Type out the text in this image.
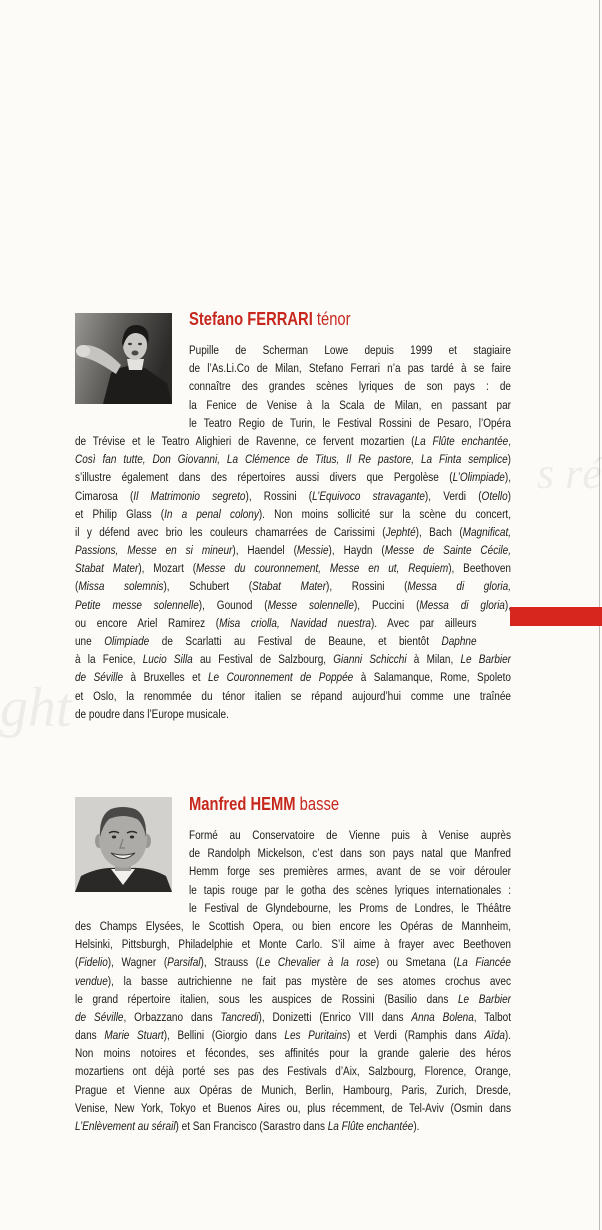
ght
s ré
Stefano FERRARI ténor
Pupille de Scherman Lowe depuis 1999 et stagiaire
de l’As.Li.Co de Milan, Stefano Ferrari n’a pas tardé à se faire
connaître des grandes scènes lyriques de son pays : de
la Fenice de Venise à la Scala de Milan, en passant par
le Teatro Regio de Turin, le Festival Rossini de Pesaro, l’Opéra
de Trévise et le Teatro Alighieri de Ravenne, ce fervent mozartien (La Flûte enchantée,
Così fan tutte, Don Giovanni, La Clémence de Titus, Il Re pastore, La Finta semplice)
s’illustre également dans des répertoires aussi divers que Pergolèse (L’Olimpiade),
Cimarosa (Il Matrimonio segreto), Rossini (L’Equivoco stravagante), Verdi (Otello)
et Philip Glass (In a penal colony). Non moins sollicité sur la scène du concert,
il y défend avec brio les couleurs chamarrées de Carissimi (Jephté), Bach (Magnificat,
Passions, Messe en si mineur), Haendel (Messie), Haydn (Messe de Sainte Cécile,
Stabat Mater), Mozart (Messe du couronnement, Messe en ut, Requiem), Beethoven
(Missa solemnis), Schubert (Stabat Mater), Rossini (Messa di gloria,
Petite messe solennelle), Gounod (Messe solennelle), Puccini (Messa di gloria),
ou encore Ariel Ramirez (Misa criolla, Navidad nuestra). Avec par ailleurs
une Olimpiade de Scarlatti au Festival de Beaune, et bientôt Daphne
à la Fenice, Lucio Silla au Festival de Salzbourg, Gianni Schicchi à Milan, Le Barbier
de Séville à Bruxelles et Le Couronnement de Poppée à Salamanque, Rome, Spoleto
et Oslo, la renommée du ténor italien se répand aujourd’hui comme une traînée
de poudre dans l’Europe musicale.
Manfred HEMM basse
Formé au Conservatoire de Vienne puis à Venise auprès
de Randolph Mickelson, c’est dans son pays natal que Manfred
Hemm forge ses premières armes, avant de se voir dérouler
le tapis rouge par le gotha des scènes lyriques internationales :
le Festival de Glyndebourne, les Proms de Londres, le Théâtre
des Champs Elysées, le Scottish Opera, ou bien encore les Opéras de Mannheim,
Helsinki, Pittsburgh, Philadelphie et Monte Carlo. S’il aime à frayer avec Beethoven
(Fidelio), Wagner (Parsifal), Strauss (Le Chevalier à la rose) ou Smetana (La Fiancée
vendue), la basse autrichienne ne fait pas mystère de ses atomes crochus avec
le grand répertoire italien, sous les auspices de Rossini (Basilio dans Le Barbier
de Séville, Orbazzano dans Tancredi), Donizetti (Enrico VIII dans Anna Bolena, Talbot
dans Marie Stuart), Bellini (Giorgio dans Les Puritains) et Verdi (Ramphis dans Aïda).
Non moins notoires et fécondes, ses affinités pour la grande galerie des héros
mozartiens ont déjà porté ses pas des Festivals d’Aix, Salzbourg, Florence, Orange,
Prague et Vienne aux Opéras de Munich, Berlin, Hambourg, Paris, Zurich, Dresde,
Venise, New York, Tokyo et Buenos Aires ou, plus récemment, de Tel-Aviv (Osmin dans
L’Enlèvement au sérail) et San Francisco (Sarastro dans La Flûte enchantée).
